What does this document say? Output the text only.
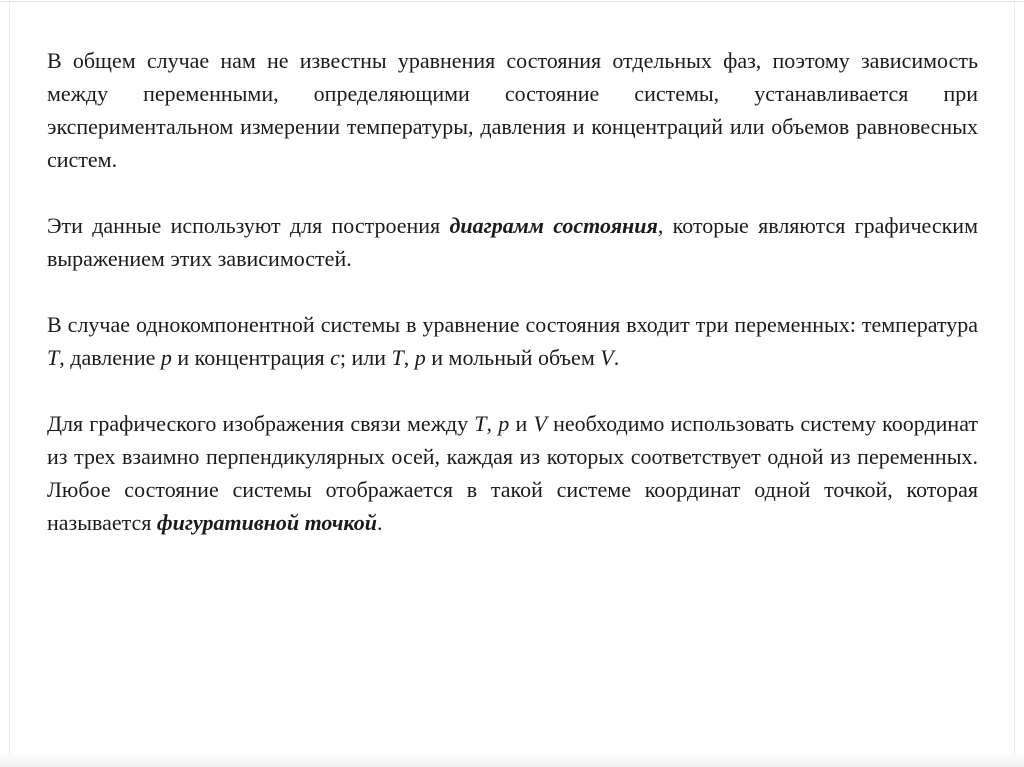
В общем случае нам не известны уравнения состояния отдельных фаз, поэтому зависимость между переменными, определяющими состояние системы, устанавливается при экспериментальном измерении температуры, давления и концентраций или объемов равновесных систем.

Эти данные используют для построения диаграмм состояния, которые являются графическим выражением этих зависимостей.

В случае однокомпонентной системы в уравнение состояния входит три переменных: температура T, давление p и концентрация c; или T, p и мольный объем V.

Для графического изображения связи между T, p и V необходимо использовать систему координат из трех взаимно перпендикулярных осей, каждая из которых соответствует одной из переменных. Любое состояние системы отображается в такой системе координат одной точкой, которая называется фигуративной точкой.
